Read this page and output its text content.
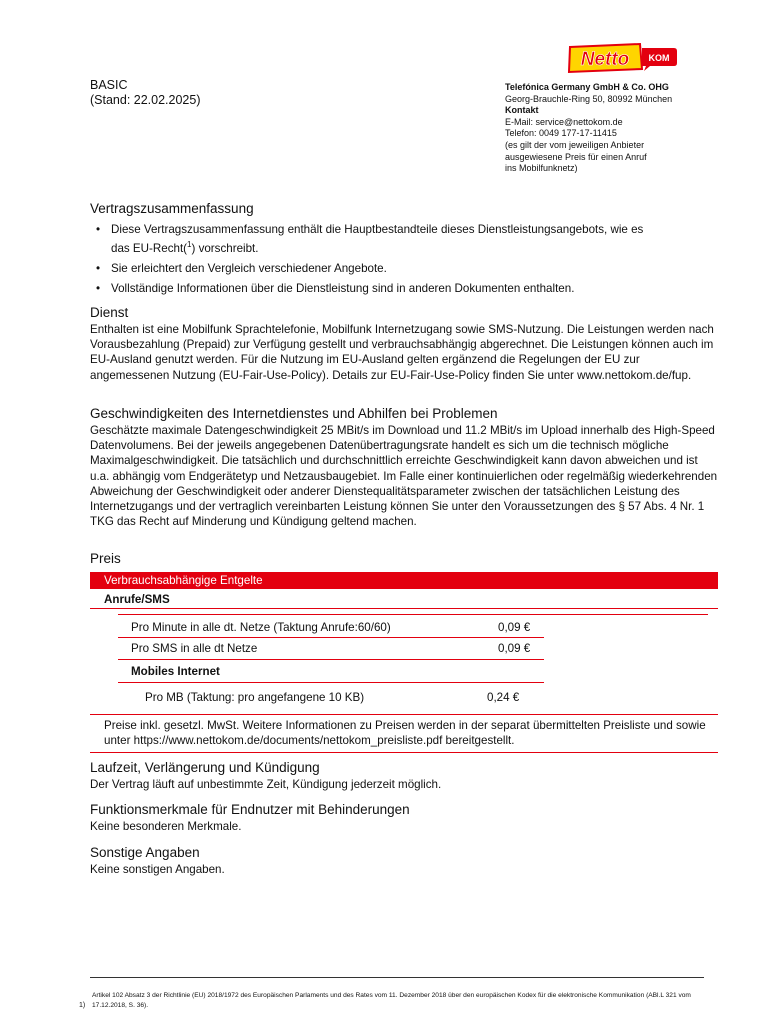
Netto KOM
BASIC
(Stand: 22.02.2025)
Telefónica Germany GmbH & Co. OHG
Georg-Brauchle-Ring 50, 80992 München
Kontakt
E-Mail: service@nettokom.de
Telefon: 0049 177-17-11415
(es gilt der vom jeweiligen Anbieter
ausgewiesene Preis für einen Anruf
ins Mobilfunknetz)
Vertragszusammenfassung
• Diese Vertragszusammenfassung enthält die Hauptbestandteile dieses Dienstleistungsangebots, wie es
das EU-Recht($^1$) vorschreibt.
• Sie erleichtert den Vergleich verschiedener Angebote.
• Vollständige Informationen über die Dienstleistung sind in anderen Dokumenten enthalten.
Dienst

Enthalten ist eine Mobilfunk Sprachtelefonie, Mobilfunk Internetzugang sowie SMS-Nutzung. Die Leistungen werden nach Vorausbezahlung (Prepaid) zur Verfügung gestellt und verbrauchsabhängig abgerechnet. Die Leistungen können auch im EU-Ausland genutzt werden. Für die Nutzung im EU-Ausland gelten ergänzend die Regelungen der EU zur angemessenen Nutzung (EU-Fair-Use-Policy). Details zur EU-Fair-Use-Policy finden Sie unter www.nettokom.de/fup.

Geschwindigkeiten des Internetdienstes und Abhilfen bei Problemen

Geschätzte maximale Datengeschwindigkeit 25 MBit/s im Download und 11.2 MBit/s im Upload innerhalb des High-Speed Datenvolumens. Bei der jeweils angegebenen Datenübertragungsrate handelt es sich um die technisch mögliche Maximalgeschwindigkeit. Die tatsächlich und durchschnittlich erreichte Geschwindigkeit kann davon abweichen und ist u.a. abhängig vom Endgerätetyp und Netzausbaugebiet. Im Falle einer kontinuierlichen oder regelmäßig wiederkehrenden Abweichung der Geschwindigkeit oder anderer Dienstequalitätsparameter zwischen der tatsächlichen Leistung des Internetzugangs und der vertraglich vereinbarten Leistung können Sie unter den Voraussetzungen des § 57 Abs. 4 Nr. 1 TKG das Recht auf Minderung und Kündigung geltend machen.

Preis
Verbrauchsabhängige Entgelte
Anrufe/SMS
Pro Minute in alle dt. Netze (Taktung Anrufe:60/60)	0,09 €
Pro SMS in alle dt Netze	0,09 €
Mobiles Internet
Pro MB (Taktung: pro angefangene 10 KB)	0,24 €

Preise inkl. gesetzl. MwSt. Weitere Informationen zu Preisen werden in der separat übermittelten Preisliste und sowie unter https://www.nettokom.de/documents/nettokom_preisliste.pdf bereitgestellt.

Laufzeit, Verlängerung und Kündigung

Der Vertrag läuft auf unbestimmte Zeit, Kündigung jederzeit möglich.

Funktionsmerkmale für Endnutzer mit Behinderungen

Keine besonderen Merkmale.

Sonstige Angaben

Keine sonstigen Angaben.

1)
Artikel 102 Absatz 3 der Richtlinie (EU) 2018/1972 des Europäischen Parlaments und des Rates vom 11. Dezember 2018 über den europäischen Kodex für die elektronische Kommunikation (ABl.L 321 vom 17.12.2018, S. 36).
